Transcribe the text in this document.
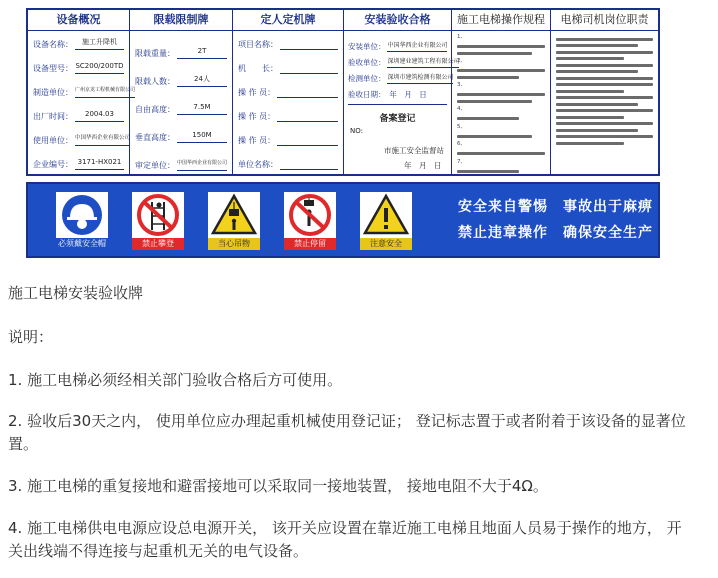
设备概况
设备名称：	施工升降机
设备型号： SC200/200TD
制造单位： 广州京龙工程机械有限公司
出厂时间：	2004.03
使用单位： 中国华西企业有限公司
企业编号： 3171-HX021
限载限制牌
限载重量：	2T
限载人数：	24人
自由高度：	7.5M
垂直高度：	150M
审定单位： 中国华西企业有限公司
定人定机牌
项目名称：
机　　长：
操 作 员：
操 作 员：
操 作 员：
单位名称：
安装验收合格
安装单位： 中国华西企业有限公司
验收单位： 深圳建业建筑工程有限公司
检测单位： 深圳市建筑检测有限公司
验收日期：　年　月　日
备案登记
NO:
市施工安全监督站
年　月　日
施工电梯操作规程
1、
2、
3、
4、
5、
6、
7、
电梯司机岗位职责
必须戴安全帽	禁止攀登	当心吊物	禁止停留	注意安全
安全来自警惕　事故出于麻痹
禁止违章操作　确保安全生产

施工电梯安装验收牌

说明：

1. 施工电梯必须经相关部门验收合格后方可使用。

2. 验收后30天之内， 使用单位应办理起重机械使用登记证； 登记标志置于或者附着于该设备的显著位置。

3. 施工电梯的重复接地和避雷接地可以采取同一接地装置， 接地电阻不大于4Ω。

4. 施工电梯供电电源应设总电源开关， 该开关应设置在靠近施工电梯且地面人员易于操作的地方， 开关出线端不得连接与起重机无关的电气设备。
